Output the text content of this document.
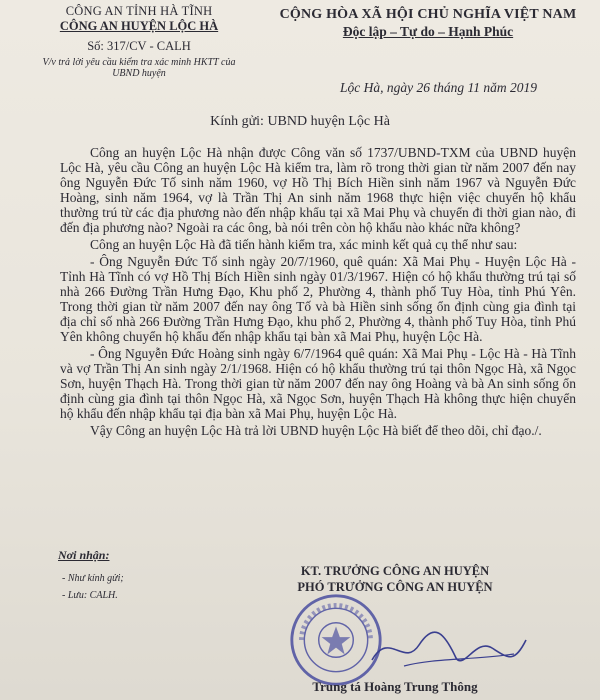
CÔNG AN TỈNH HÀ TĨNH
CÔNG AN HUYỆN LỘC HÀ
Số: 317/CV - CALH
V/v trả lời yêu cầu kiểm tra xác minh HKTT của UBND huyện
CỘNG HÒA XÃ HỘI CHỦ NGHĨA VIỆT NAM
Độc lập – Tự do – Hạnh Phúc
Lộc Hà, ngày 26 tháng 11 năm 2019
Kính gửi: UBND huyện Lộc Hà

Công an huyện Lộc Hà nhận được Công văn số 1737/UBND-TXM của UBND huyện Lộc Hà, yêu cầu Công an huyện Lộc Hà kiểm tra, làm rõ trong thời gian từ năm 2007 đến nay ông Nguyễn Đức Tố sinh năm 1960, vợ Hồ Thị Bích Hiền sinh năm 1967 và Nguyễn Đức Hoàng, sinh năm 1964, vợ là Trần Thị An sinh năm 1968 thực hiện việc chuyển hộ khẩu thường trú từ các địa phương nào đến nhập khẩu tại xã Mai Phụ và chuyển đi thời gian nào, đi đến địa phương nào? Ngoài ra các ông, bà nói trên còn hộ khẩu nào khác nữa không?

Công an huyện Lộc Hà đã tiến hành kiểm tra, xác minh kết quả cụ thể như sau:

- Ông Nguyễn Đức Tố sinh ngày 20/7/1960, quê quán: Xã Mai Phụ - Huyện Lộc Hà - Tỉnh Hà Tĩnh có vợ Hồ Thị Bích Hiền sinh ngày 01/3/1967. Hiện có hộ khẩu thường trú tại số nhà 266 Đường Trần Hưng Đạo, Khu phố 2, Phường 4, thành phố Tuy Hòa, tỉnh Phú Yên. Trong thời gian từ năm 2007 đến nay ông Tố và bà Hiền sinh sống ổn định cùng gia đình tại địa chỉ số nhà 266 Đường Trần Hưng Đạo, khu phố 2, Phường 4, thành phố Tuy Hòa, tỉnh Phú Yên không chuyển hộ khẩu đến nhập khẩu tại bàn xã Mai Phụ, huyện Lộc Hà.

- Ông Nguyễn Đức Hoàng sinh ngày 6/7/1964 quê quán: Xã Mai Phụ - Lộc Hà - Hà Tĩnh và vợ Trần Thị An sinh ngày 2/1/1968. Hiện có hộ khẩu thường trú tại thôn Ngọc Hà, xã Ngọc Sơn, huyện Thạch Hà. Trong thời gian từ năm 2007 đến nay ông Hoàng và bà An sinh sống ổn định cùng gia đình tại thôn Ngọc Hà, xã Ngọc Sơn, huyện Thạch Hà không thực hiện chuyển hộ khẩu đến nhập khẩu tại địa bàn xã Mai Phụ, huyện Lộc Hà.

Vậy Công an huyện Lộc Hà trả lời UBND huyện Lộc Hà biết để theo dõi, chỉ đạo./.

Nơi nhận:
- Như kính gửi;
- Lưu: CALH.
KT. TRƯỞNG CÔNG AN HUYỆN
PHÓ TRƯỞNG CÔNG AN HUYỆN
Trung tá Hoàng Trung Thông
